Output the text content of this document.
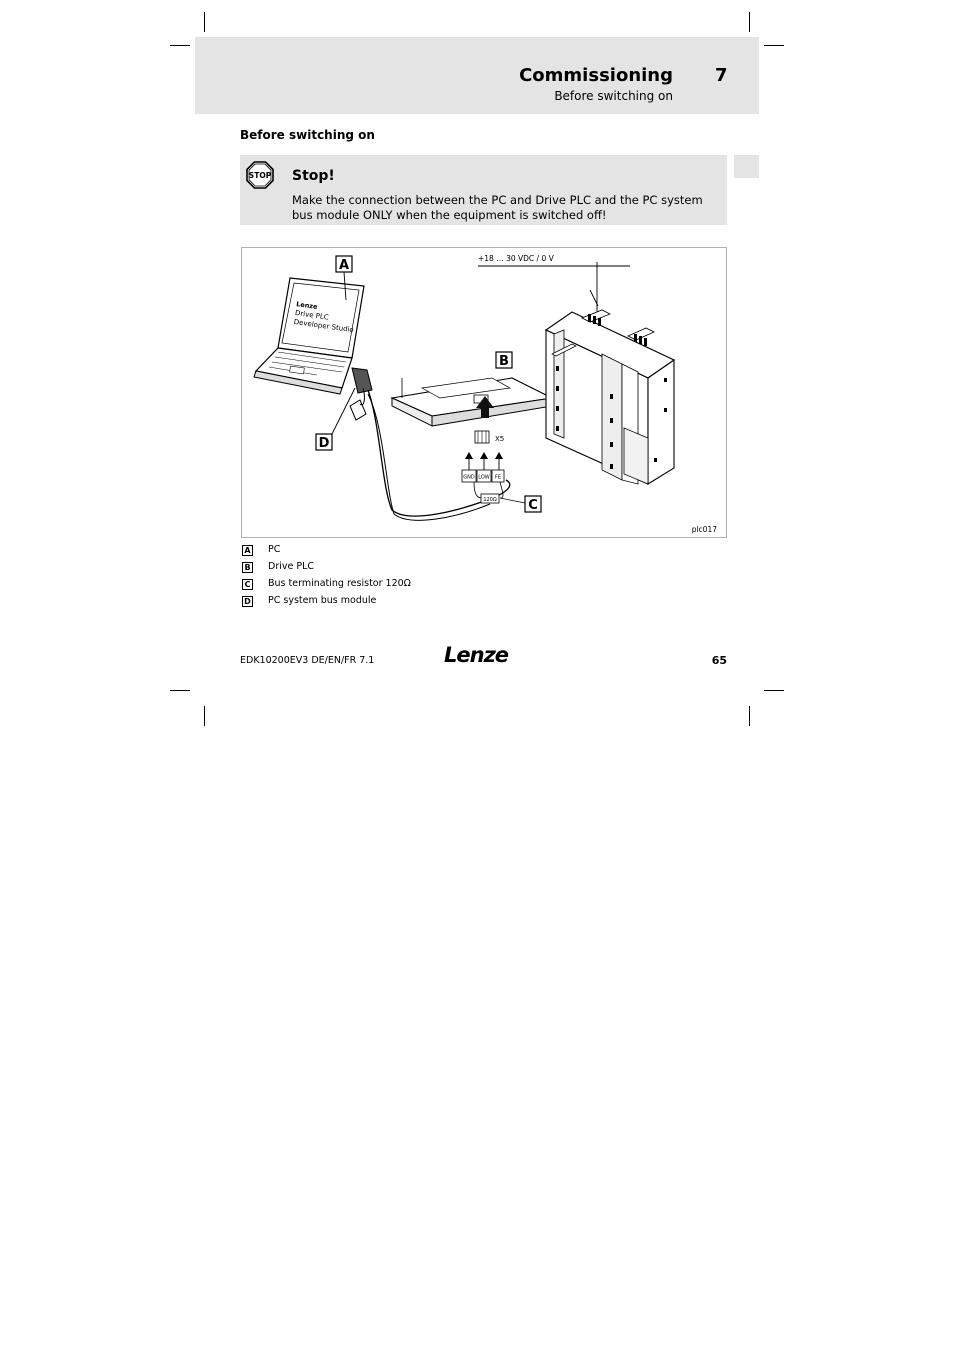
Commissioning 7
Before switching on
Before switching on
STOP Stop!
Make the connection between the PC and Drive PLC and the PC system bus module ONLY when the equipment is switched off!
Lenze
Drive PLC
Developer Studio
X5
GND LOW FE
120Ω
+18 … 30 VDC / 0 V
A
B
C
D
plc017
A PC
B Drive PLC
C Bus terminating resistor 120Ω
D PC system bus module
EDK10200EV3 DE/EN/FR 7.1	Lenze	65
